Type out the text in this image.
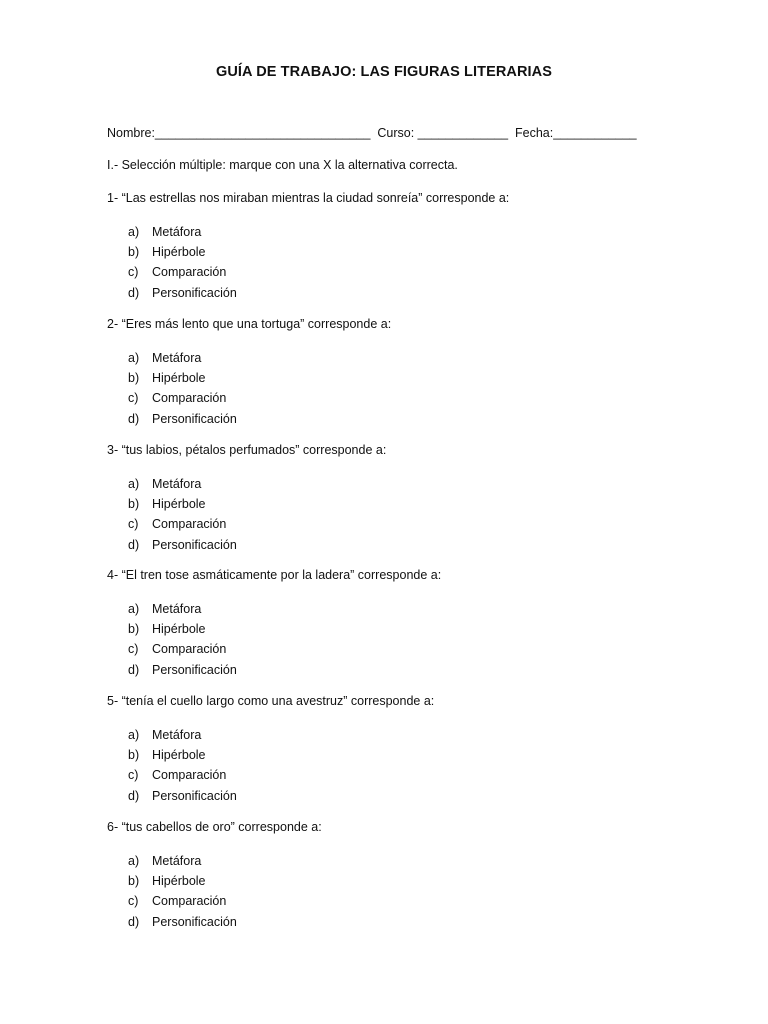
GUÍA DE TRABAJO: LAS FIGURAS LITERARIAS
Nombre:_______________________________  Curso: _____________  Fecha:____________
I.- Selección múltiple: marque con una X la alternativa correcta.
1- “Las estrellas nos miraban mientras la ciudad sonreía” corresponde a:
a) Metáfora
b) Hipérbole
c) Comparación
d) Personificación
2- “Eres más lento que una tortuga” corresponde a:
a) Metáfora
b) Hipérbole
c) Comparación
d) Personificación
3- “tus labios, pétalos perfumados” corresponde a:
a) Metáfora
b) Hipérbole
c) Comparación
d) Personificación
4- “El tren tose asmáticamente por la ladera” corresponde a:
a) Metáfora
b) Hipérbole
c) Comparación
d) Personificación
5- “tenía el cuello largo como una avestruz” corresponde a:
a) Metáfora
b) Hipérbole
c) Comparación
d) Personificación
6- “tus cabellos de oro” corresponde a:
a) Metáfora
b) Hipérbole
c) Comparación
d) Personificación
